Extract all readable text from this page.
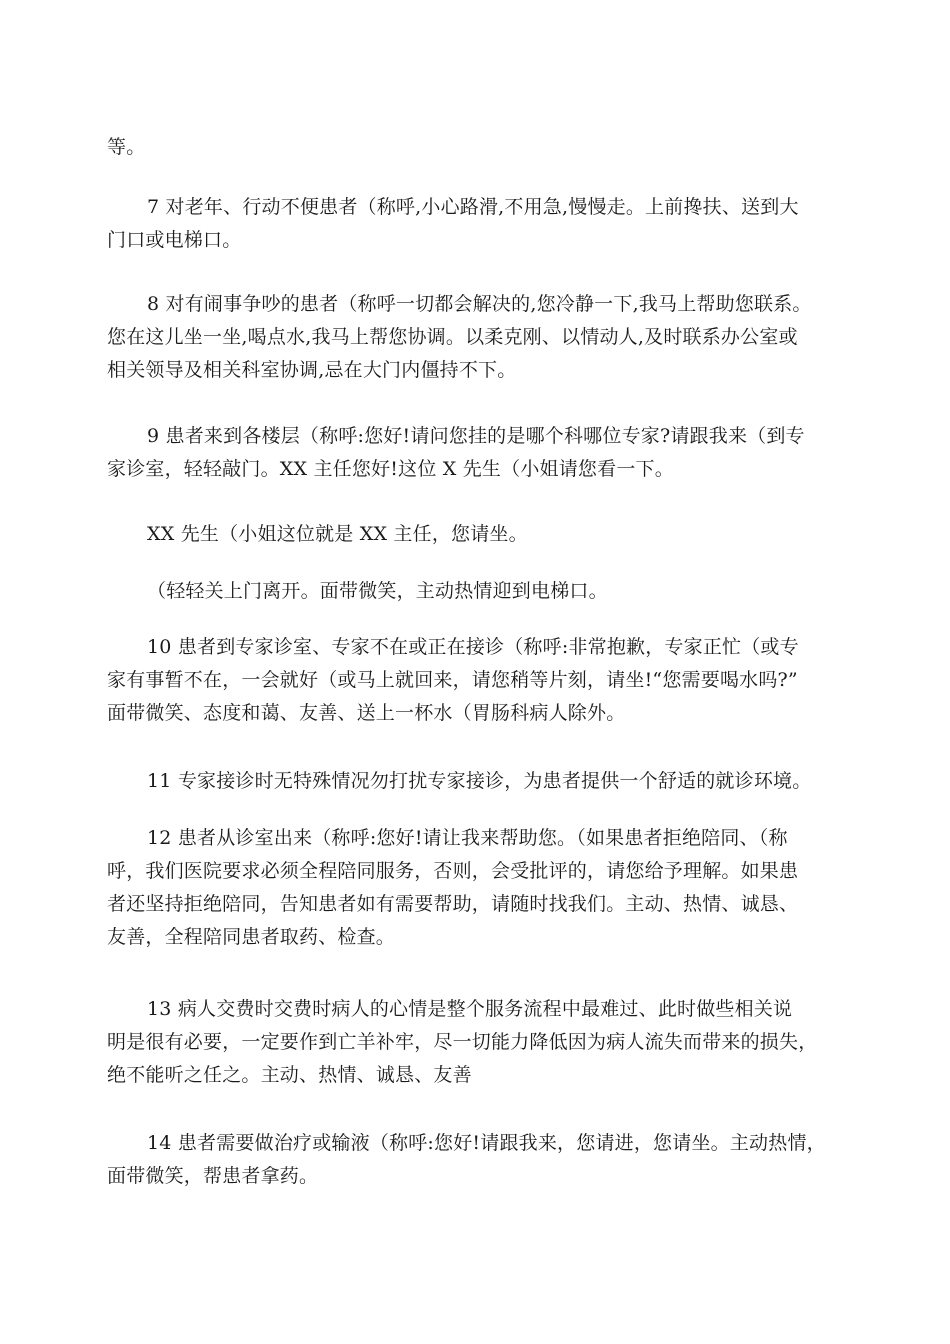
等。

7 对老年、行动不便患者（称呼,小心路滑,不用急,慢慢走。上前搀扶、送到大
门口或电梯口。

8 对有闹事争吵的患者（称呼一切都会解决的,您冷静一下,我马上帮助您联系。
您在这儿坐一坐,喝点水,我马上帮您协调。以柔克刚、以情动人,及时联系办公室或
相关领导及相关科室协调,忌在大门内僵持不下。

9 患者来到各楼层（称呼:您好!请问您挂的是哪个科哪位专家?请跟我来（到专
家诊室，轻轻敲门。XX 主任您好!这位 X 先生（小姐请您看一下。

XX 先生（小姐这位就是 XX 主任，您请坐。

（轻轻关上门离开。面带微笑，主动热情迎到电梯口。

10 患者到专家诊室、专家不在或正在接诊（称呼:非常抱歉，专家正忙（或专
家有事暂不在，一会就好（或马上就回来，请您稍等片刻，请坐!“您需要喝水吗?”
面带微笑、态度和蔼、友善、送上一杯水（胃肠科病人除外。

11 专家接诊时无特殊情况勿打扰专家接诊，为患者提供一个舒适的就诊环境。

12 患者从诊室出来（称呼:您好!请让我来帮助您。（如果患者拒绝陪同、（称
呼，我们医院要求必须全程陪同服务，否则，会受批评的，请您给予理解。如果患
者还坚持拒绝陪同，告知患者如有需要帮助，请随时找我们。主动、热情、诚恳、
友善，全程陪同患者取药、检查。

13 病人交费时交费时病人的心情是整个服务流程中最难过、此时做些相关说
明是很有必要，一定要作到亡羊补牢，尽一切能力降低因为病人流失而带来的损失，
绝不能听之任之。主动、热情、诚恳、友善

14 患者需要做治疗或输液（称呼:您好!请跟我来，您请进，您请坐。主动热情，
面带微笑，帮患者拿药。
